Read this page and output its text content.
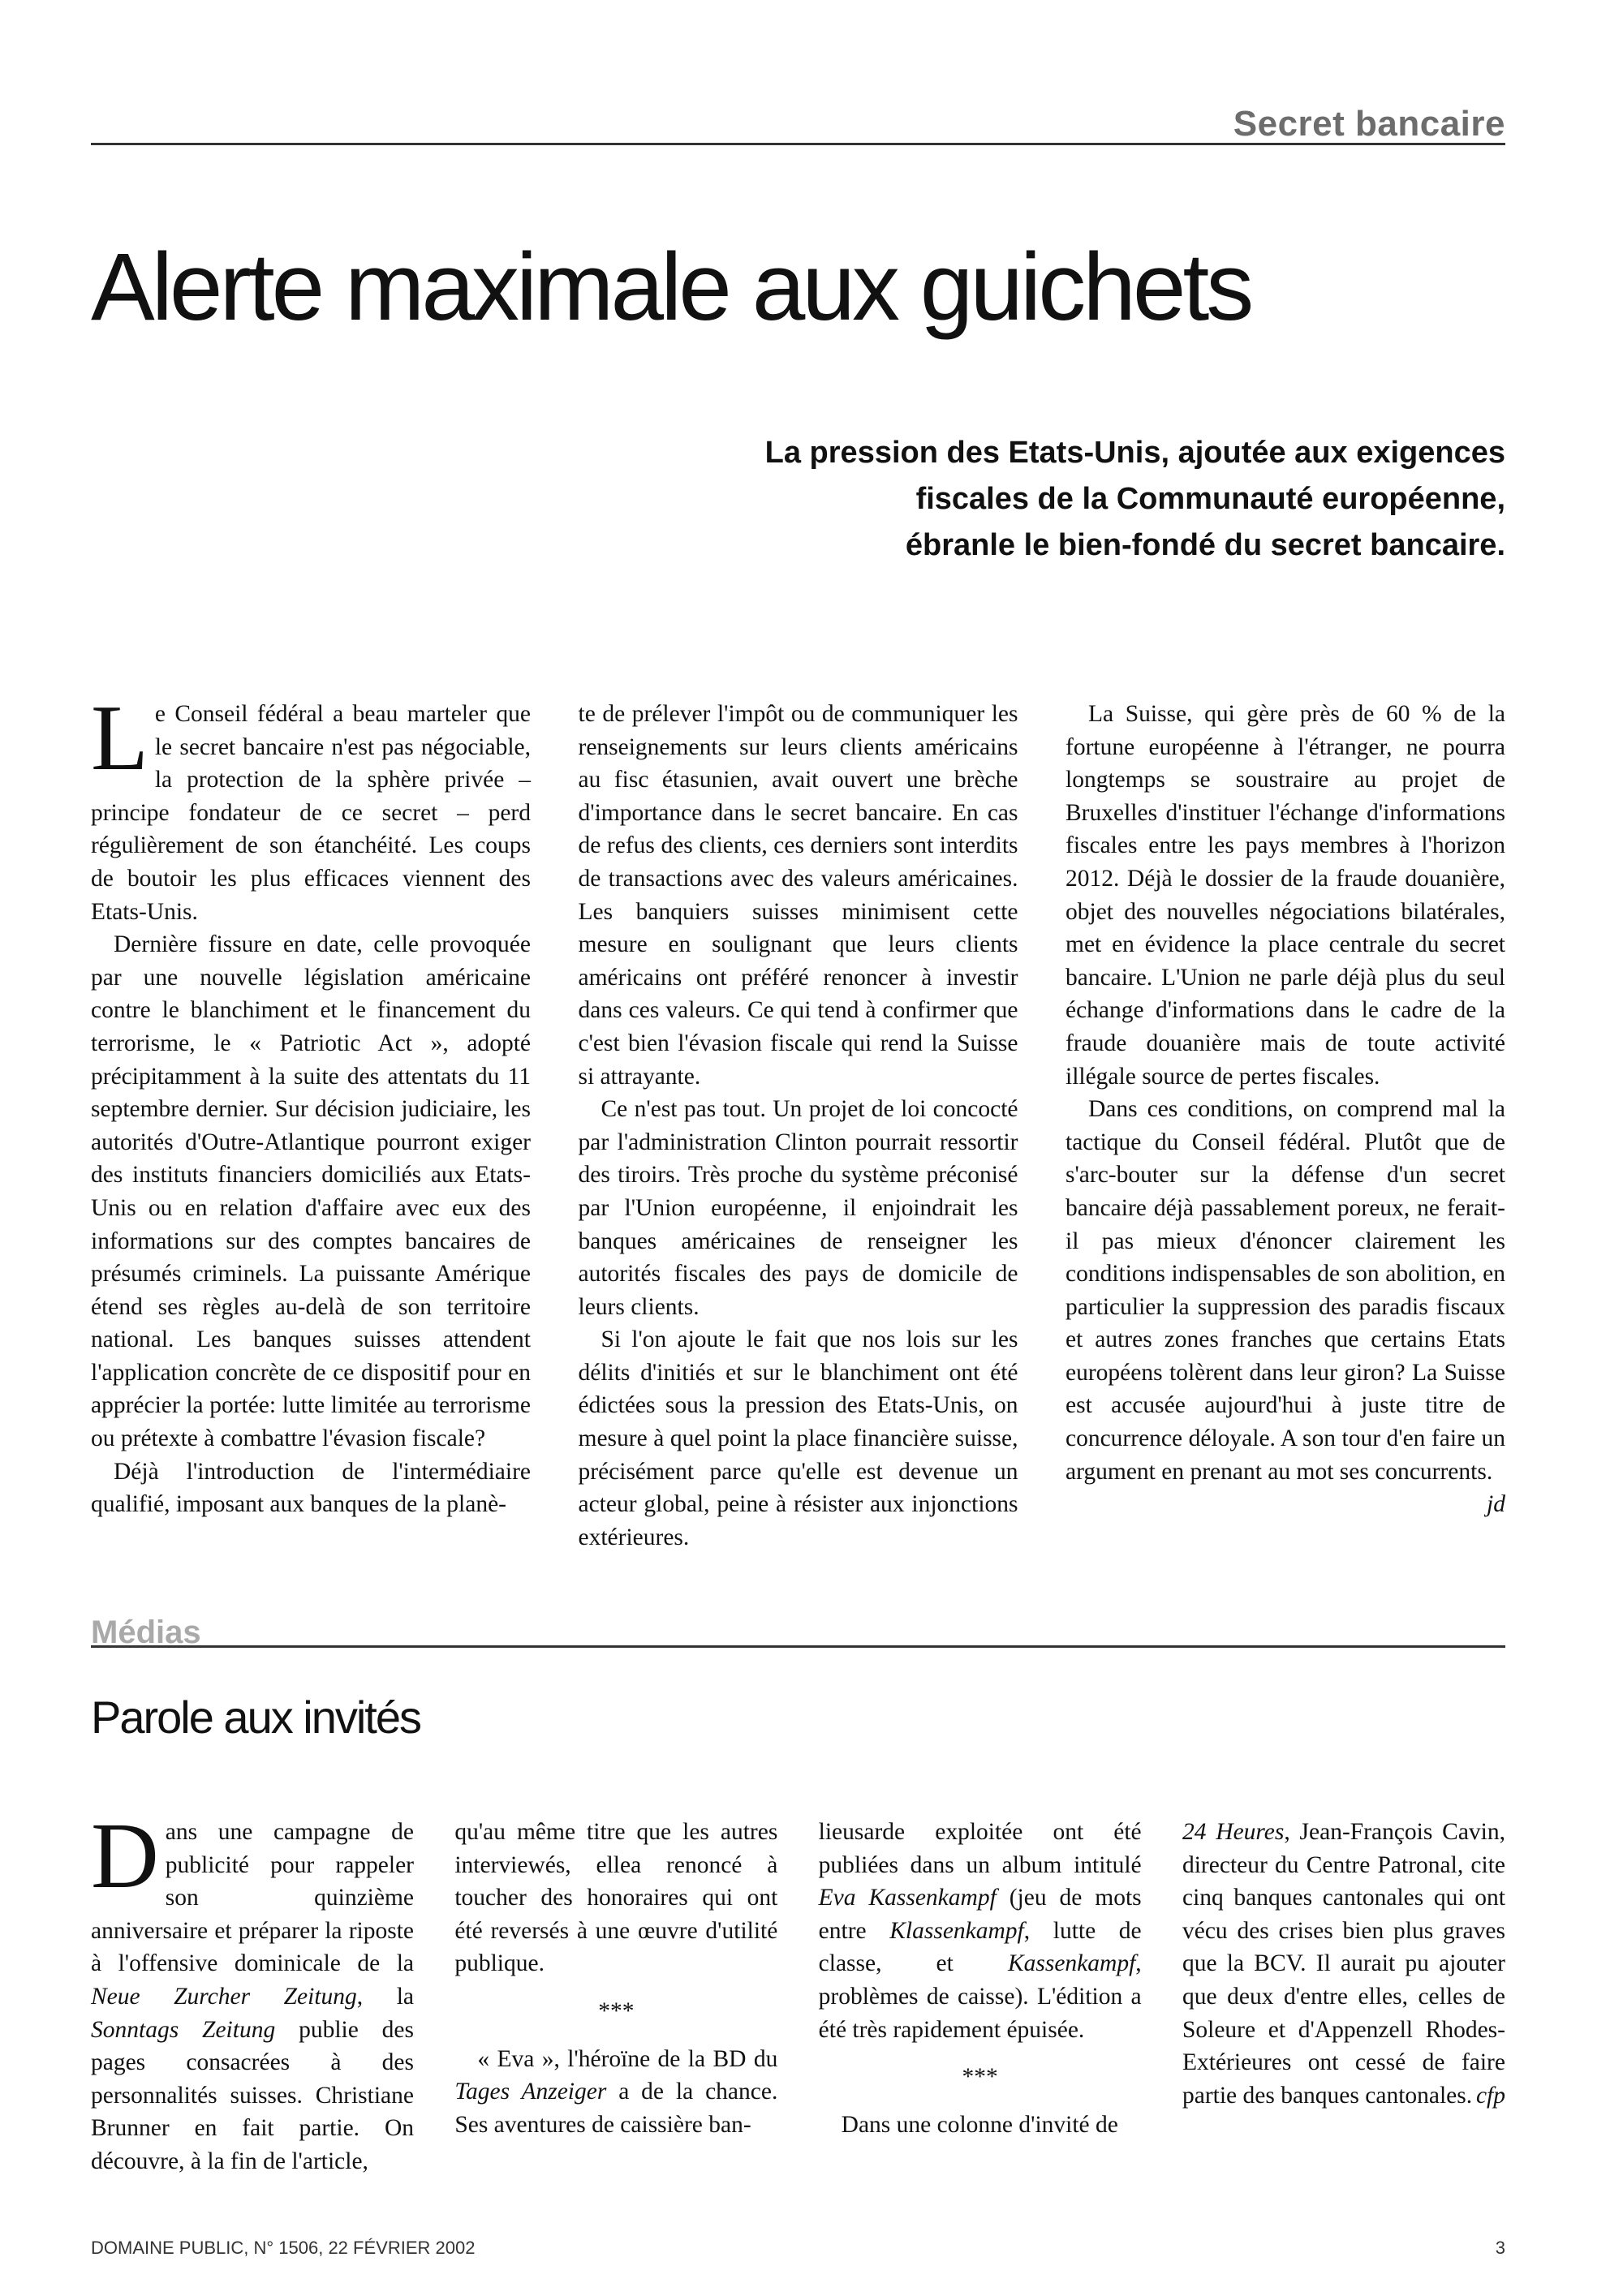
Secret bancaire
Alerte maximale aux guichets
La pression des Etats-Unis, ajoutée aux exigences
fiscales de la Communauté européenne,
ébranle le bien-fondé du secret bancaire.

Le Conseil fédéral a beau marteler que le secret bancaire n'est pas négociable, la protection de la sphère privée – principe fondateur de ce secret – perd régulièrement de son étanchéité. Les coups de boutoir les plus efficaces viennent des Etats-Unis.

Dernière fissure en date, celle provoquée par une nouvelle législation américaine contre le blanchiment et le financement du terrorisme, le « Patriotic Act », adopté précipitamment à la suite des attentats du 11 septembre dernier. Sur décision judiciaire, les autorités d'Outre-Atlantique pourront exiger des instituts financiers domiciliés aux Etats-Unis ou en relation d'affaire avec eux des informations sur des comptes bancaires de présumés criminels. La puissante Amérique étend ses règles au-delà de son territoire national. Les banques suisses attendent l'application concrète de ce dispositif pour en apprécier la portée: lutte limitée au terrorisme ou prétexte à combattre l'évasion fiscale?

Déjà l'introduction de l'intermédiaire qualifié, imposant aux banques de la planè-

te de prélever l'impôt ou de communiquer les renseignements sur leurs clients américains au fisc étasunien, avait ouvert une brèche d'importance dans le secret bancaire. En cas de refus des clients, ces derniers sont interdits de transactions avec des valeurs américaines. Les banquiers suisses minimisent cette mesure en soulignant que leurs clients américains ont préféré renoncer à investir dans ces valeurs. Ce qui tend à confirmer que c'est bien l'évasion fiscale qui rend la Suisse si attrayante.

Ce n'est pas tout. Un projet de loi concocté par l'administration Clinton pourrait ressortir des tiroirs. Très proche du système préconisé par l'Union européenne, il enjoindrait les banques américaines de renseigner les autorités fiscales des pays de domicile de leurs clients.

Si l'on ajoute le fait que nos lois sur les délits d'initiés et sur le blanchiment ont été édictées sous la pression des Etats-Unis, on mesure à quel point la place financière suisse, précisément parce qu'elle est devenue un acteur global, peine à résister aux injonctions extérieures.

La Suisse, qui gère près de 60 % de la fortune européenne à l'étranger, ne pourra longtemps se soustraire au projet de Bruxelles d'instituer l'échange d'informations fiscales entre les pays membres à l'horizon 2012. Déjà le dossier de la fraude douanière, objet des nouvelles négociations bilatérales, met en évidence la place centrale du secret bancaire. L'Union ne parle déjà plus du seul échange d'informations dans le cadre de la fraude douanière mais de toute activité illégale source de pertes fiscales.

Dans ces conditions, on comprend mal la tactique du Conseil fédéral. Plutôt que de s'arc-bouter sur la défense d'un secret bancaire déjà passablement poreux, ne ferait-il pas mieux d'énoncer clairement les conditions indispensables de son abolition, en particulier la suppression des paradis fiscaux et autres zones franches que certains Etats européens tolèrent dans leur giron? La Suisse est accusée aujourd'hui à juste titre de concurrence déloyale. A son tour d'en faire un argument en prenant au mot ses concurrents.
jd

Médias
Parole aux invités

Dans une campagne de publicité pour rappeler son quinzième anniversaire et préparer la riposte à l'offensive dominicale de la Neue Zurcher Zeitung, la Sonntags Zeitung publie des pages consacrées à des personnalités suisses. Christiane Brunner en fait partie. On découvre, à la fin de l'article,

qu'au même titre que les autres interviewés, ellea renoncé à toucher des honoraires qui ont été reversés à une œuvre d'utilité publique.

***

« Eva », l'héroïne de la BD du Tages Anzeiger a de la chance. Ses aventures de caissière ban-

lieusarde exploitée ont été publiées dans un album intitulé Eva Kassenkampf (jeu de mots entre Klassenkampf, lutte de classe, et Kassenkampf, problèmes de caisse). L'édition a été très rapidement épuisée.

***

Dans une colonne d'invité de

24 Heures, Jean-François Cavin, directeur du Centre Patronal, cite cinq banques cantonales qui ont vécu des crises bien plus graves que la BCV. Il aurait pu ajouter que deux d'entre elles, celles de Soleure et d'Appenzell Rhodes-Extérieures ont cessé de faire partie des banques cantonales. cfp

DOMAINE PUBLIC, N° 1506, 22 FÉVRIER 2002	3
